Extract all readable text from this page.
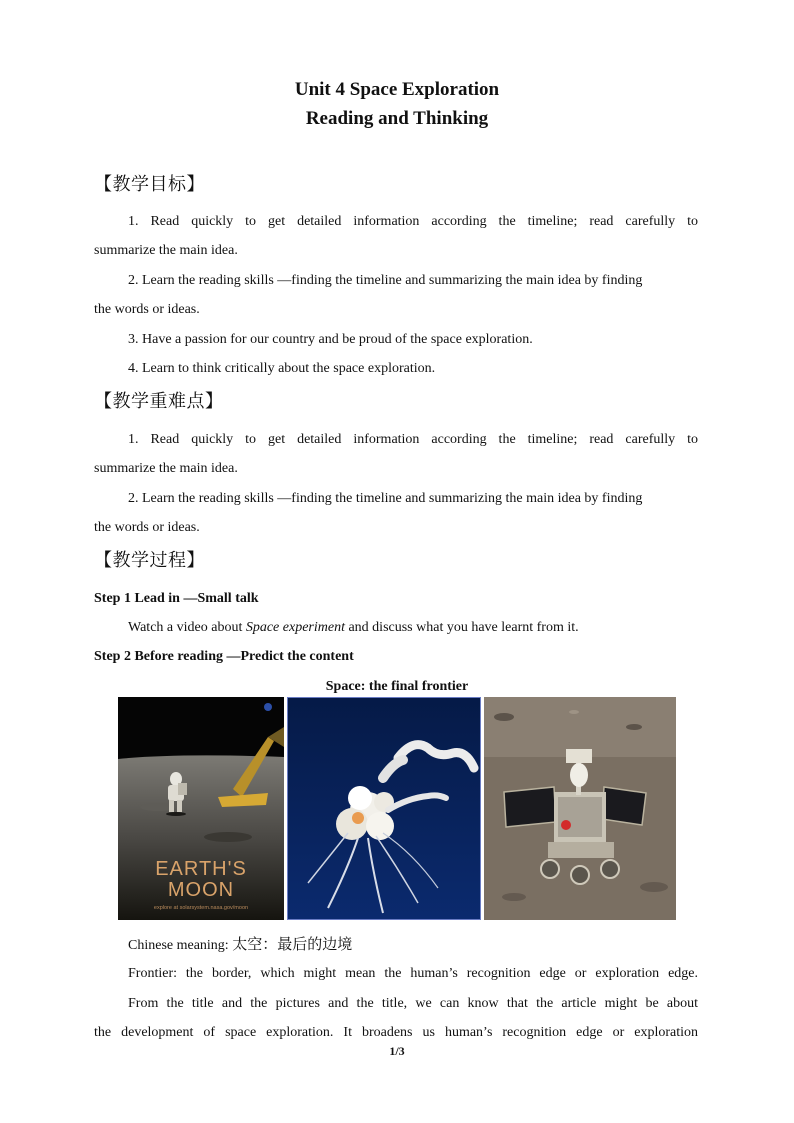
Unit 4 Space Exploration
Reading and Thinking
【教学目标】
1. Read quickly to get detailed information according the timeline; read carefully to
summarize the main idea.
2. Learn the reading skills —finding the timeline and summarizing the main idea by finding
the words or ideas.
3. Have a passion for our country and be proud of the space exploration.
4. Learn to think critically about the space exploration.
【教学重难点】
1. Read quickly to get detailed information according the timeline; read carefully to
summarize the main idea.
2. Learn the reading skills —finding the timeline and summarizing the main idea by finding
the words or ideas.
【教学过程】
Step 1 Lead in —Small talk
Watch a video about Space experiment and discuss what you have learnt from it.
Step 2 Before reading —Predict the content
Space: the final frontier
EARTH'S
MOON
explore at solarsystem.nasa.gov/moon
Chinese meaning: 太空：最后的边境
Frontier: the border, which might mean the human’s recognition edge or exploration edge.
From the title and the pictures and the title, we can know that the article might be about
the development of space exploration. It broadens us human’s recognition edge or exploration
1/3
